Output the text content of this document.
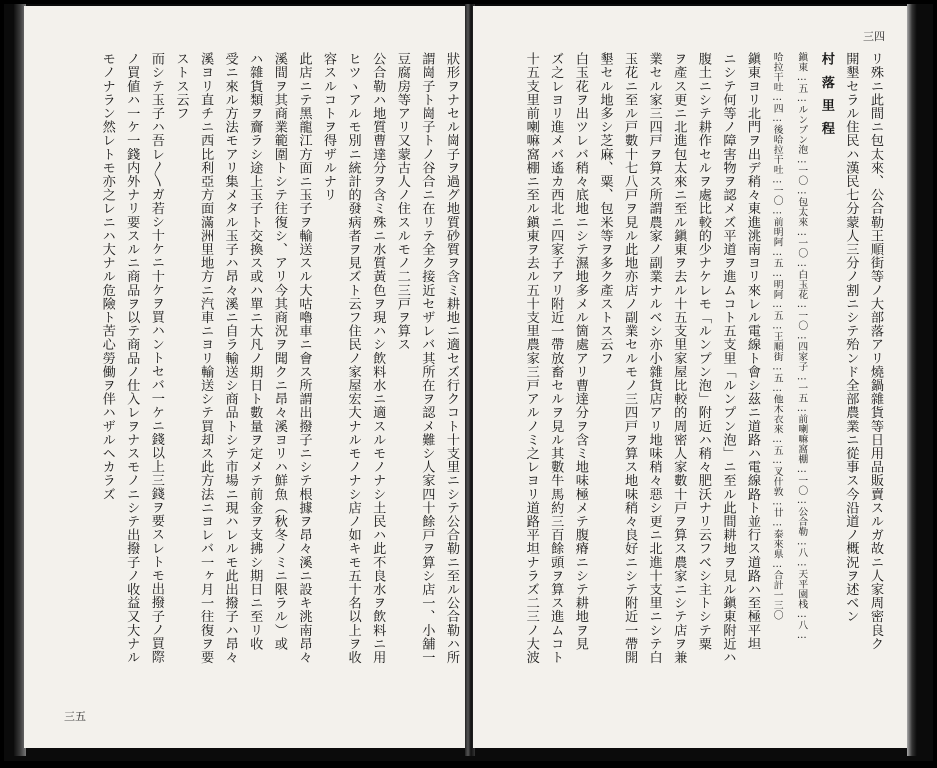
狀形ヲナセル崗子ヲ過グ地質砂質ヲ含ミ耕地ニ適セズ行クコト十支里ニシテ公合勒ニ至ル公合勒ハ所
謂崗子ト崗子トノ谷合ニ在リテ全ク接近セザレバ其所在ヲ認メ難シ人家四十餘戸ヲ算シ店一、小舖一
豆腐房等アリ又蒙古人ノ住スルモノ二三戸ヲ算ス
公合勒ハ地質曹達分ヲ含ミ殊ニ水質黃色ヲ現ハシ飲料水ニ適スルモノナシ土民ハ此不良水ヲ飲料ニ用
ヒツヽアルモ別ニ統計的發病者ヲ見ズト云フ住民ノ家屋宏大ナルモノナシ店ノ如キモ五十名以上ヲ收
容スルコトヲ得ザルナリ
此店ニテ黑龍江方面ニ玉子ヲ輸送スル大咕嚕車ニ會ス所謂出撥子ニシテ根據ヲ昂々溪ニ設キ洮南昂々
溪間ヲ其商業範圍トシテ往復シ、アリ今其商況ヲ聞クニ昂々溪ヨリハ鮮魚（秋冬ノミニ限ラル）或
ハ雜貨類ヲ齎ラシ途上玉子ト交換ス或ハ單ニ大凡ノ期日ト數量ヲ定メテ前金ヲ支拂シ期日ニ至リ收
受ニ來ル方法モアリ集メタル玉子ハ昂々溪ニ自ラ輸送シ商品トシテ市場ニ現ハレルモ此出撥子ハ昂々
溪ヨリ直チニ西比利亞方面滿洲里地方ニ汽車ニヨリ輸送シテ買却ス此方法ニヨレバ一ヶ月一往復ヲ要
ストス云フ
而シテ玉子ハ吾レ〳〵ガ若シ十ケニ十ケヲ買ハントセバ一ケニ錢以上三錢ヲ要スレトモ出撥子ノ買際
ノ買値ハ一ケ一錢内外ナリ要スルニ商品ヲ以テ商品ノ仕入レヲナスモノニシテ出撥子ノ收益又大ナル
モノナラン然レトモ亦之レニハ大ナル危險ト苦心勞働ヲ伴ハザルヘカラズ
三五
三四
リ殊ニ此間ニ包太來、公合勒王順街等ノ大部落アリ燒鍋雜貨等日用品販賣スルガ故ニ人家周密良ク
開墾セラル住民ハ漢民七分蒙人三分ノ割ニシテ殆ンド全部農業ニ從事ス今沿道ノ概況ヲ述ベン
村落里程
鎭東…五…ルンプン泡…一〇…包太來…一〇…白玉花…一〇…四家子…一五…前喇嘛窩棚…一〇…公合勒…八…天平園栈…八…
哈拉干吐…四…後哈拉干吐…一〇…前明阿…五…明阿…五…王順街…五…他木衣來…五…叉什敦…廿…泰來県…合計一三〇
鎭東ヨリ北門ヲ出デ稍々東進洮南ヨリ來レル電線ト會シ茲ニ道路ハ電線路ト並行ス道路ハ至極平坦
ニシテ何等ノ障害物ヲ認メズ平道ヲ進ムコト五支里「ルンプン泡」ニ至ル此間耕地ヲ見ル鎭東附近ハ
腹土ニシテ耕作セルヲ處比較的少ナケレモ「ルンプン泡」附近ハ稍々肥沃ナリ云フベシ主トシテ粟
ヲ產ス更ニ北進包太來ニ至ル鎭東ヲ去ル十五支里家屋比較的周密人家數十戸ヲ算ス農家ニシテ店ヲ兼
業セル家三四戸ヲ算ス所謂農家ノ副業ナルベシ亦小雜貨店アリ地味稍々惡シ更ニ北進十支里ニシテ白
玉花ニ至ル戸數十七八戸ヲ見ル此地亦店ノ副業セルモノ三四戸ヲ算ス地味稍々良好ニシテ附近一帶開
墾セル地多シ芝麻、粟、包米等ヲ多ク產ストス云フ
白玉花ヲ出ツレバ稍々底地ニシテ濕地多メル箇處アリ曹達分ヲ含ミ地味極メテ腹瘠ニシテ耕地ヲ見
ズ之レヨリ進メバ遙カ西北ニ四家子アリ附近一帶放畜セルヲ見ル其數牛馬約三百餘頭ヲ算ス進ムコト
十五支里前喇嘛窩棚ニ至ル鎭東ヲ去ル五十支里農家三戸アルノミ之レヨリ道路平坦ナラズ二三ノ大波
